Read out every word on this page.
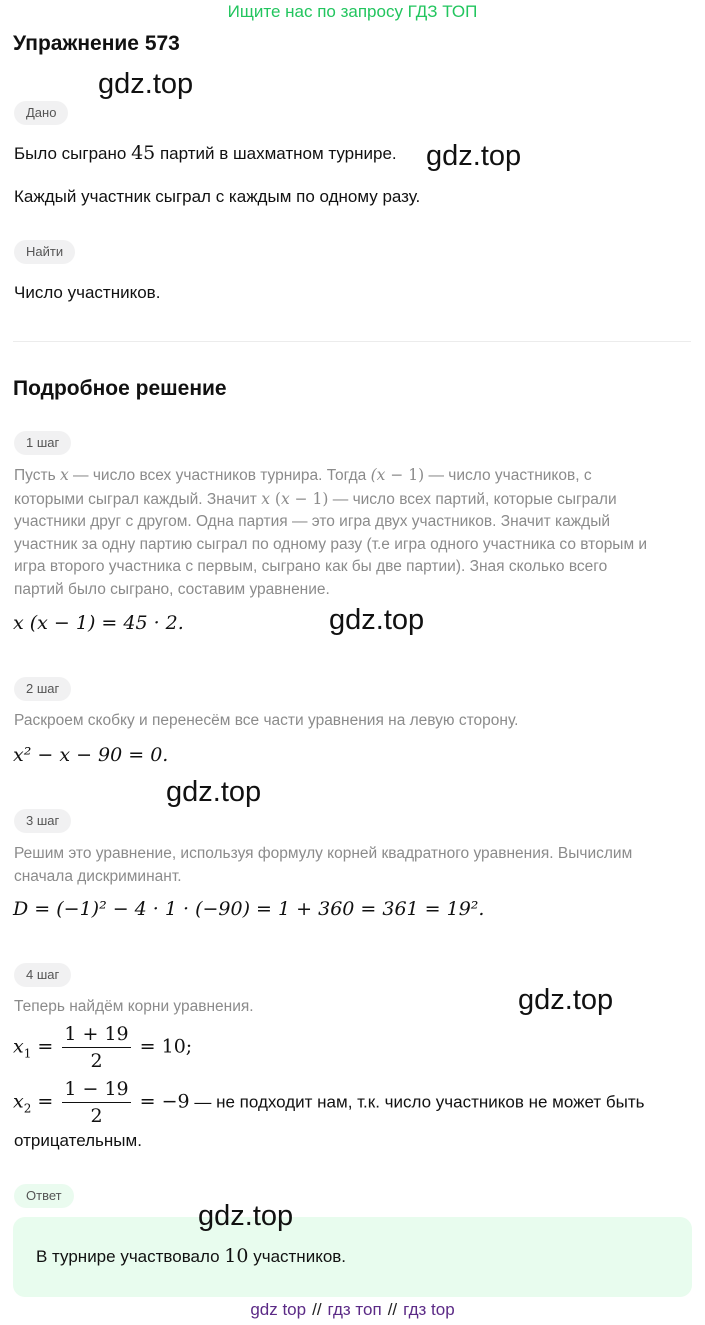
Ищите нас по запросу ГДЗ ТОП
Упражнение 573
gdz.top
gdz.top
gdz.top
gdz.top
gdz.top
gdz.top
Дано
Было сыграно 45 партий в шахматном турнире.
Каждый участник сыграл с каждым по одному разу.
Найти
Число участников.
Подробное решение
1 шаг
Пусть x — число всех участников турнира. Тогда (x − 1) — число участников, с
которыми сыграл каждый. Значит x (x − 1) — число всех партий, которые сыграли
участники друг с другом. Одна партия — это игра двух участников. Значит каждый
участник за одну партию сыграл по одному разу (т.е игра одного участника со вторым и
игра второго участника с первым, сыграно как бы две партии). Зная сколько всего
партий было сыграно, составим уравнение.
x (x − 1) = 45 · 2.
2 шаг
Раскроем скобку и перенесём все части уравнения на левую сторону.
x² − x − 90 = 0.
3 шаг
Решим это уравнение, используя формулу корней квадратного уравнения. Вычислим
сначала дискриминант.
D = (−1)² − 4 · 1 · (−90) = 1 + 360 = 361 = 19².
4 шаг
Теперь найдём корни уравнения.
$x_1 = \frac{1 + 19}{2} = 10$;
$x_2 = \frac{1 - 19}{2} = -9$ — не подходит нам, т.к. число участников не может быть
отрицательным.
Ответ
В турнире участвовало 10 участников.
gdz top // гдз топ // гдз top
